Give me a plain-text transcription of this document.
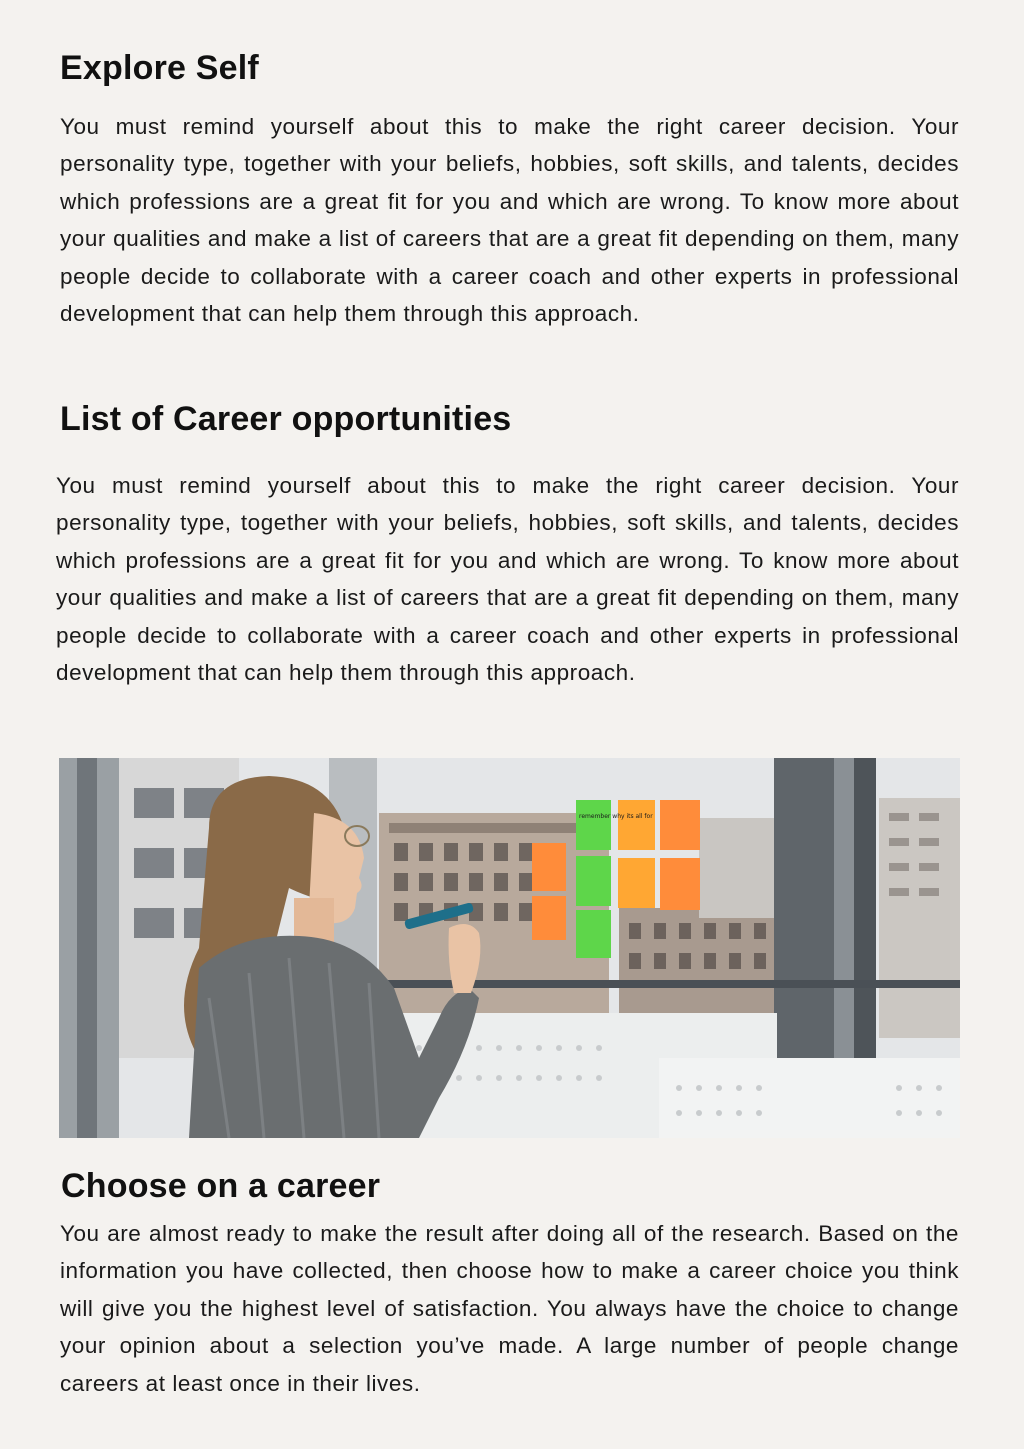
Explore Self

You must remind yourself about this to make the right career decision. Your personality type, together with your beliefs, hobbies, soft skills, and talents, decides which professions are a great fit for you and which are wrong. To know more about your qualities and make a list of careers that are a great fit depending on them, many people decide to collaborate with a career coach and other experts in professional development that can help them through this approach.

List of Career opportunities

You must remind yourself about this to make the right career decision. Your personality type, together with your beliefs, hobbies, soft skills, and talents, decides which professions are a great fit for you and which are wrong. To know more about your qualities and make a list of careers that are a great fit depending on them, many people decide to collaborate with a career coach and other experts in professional development that can help them through this approach.

remember why its all for
Choose on a career

You are almost ready to make the result after doing all of the research. Based on the information you have collected, then choose how to make a career choice you think will give you the highest level of satisfaction. You always have the choice to change your opinion about a selection you’ve made. A large number of people change careers at least once in their lives.
